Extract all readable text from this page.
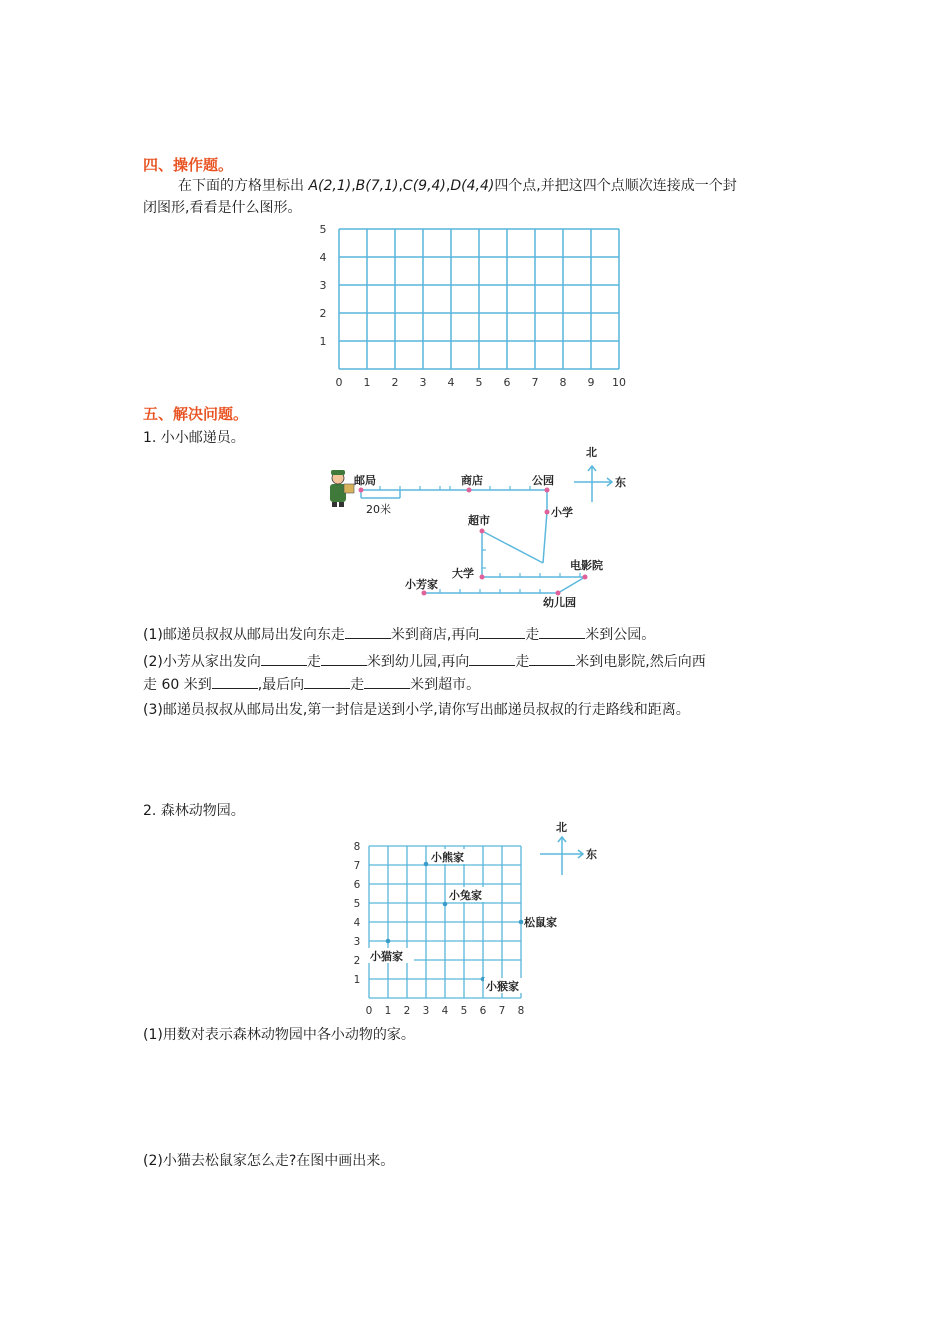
四、操作题。
在下面的方格里标出 A(2,1),B(7,1),C(9,4),D(4,4)四个点,并把这四个点顺次连接成一个封
闭图形,看看是什么图形。
0 1 2 3 4 5 6 7 8 9 10
1
2
3
4
5
五、解决问题。
1. 小小邮递员。
邮局	商店	公园
小学
超市
大学
电影院
小芳家
幼儿园
20米
北
东
(1)邮递员叔叔从邮局出发向东走	米到商店,再向	走	米到公园。
(2)小芳从家出发向	走	米到幼儿园,再向	走	米到电影院,然后向西
走 60 米到	,最后向	走	米到超市。
(3)邮递员叔叔从邮局出发,第一封信是送到小学,请你写出邮递员叔叔的行走路线和距离。
2. 森林动物园。
0 1 2 3 4 5 6 7 8
1
2
3
4
5
6
7
8
小熊家
小兔家
松鼠家
小猫家
小猴家
北
东
(1)用数对表示森林动物园中各小动物的家。
(2)小猫去松鼠家怎么走?在图中画出来。
